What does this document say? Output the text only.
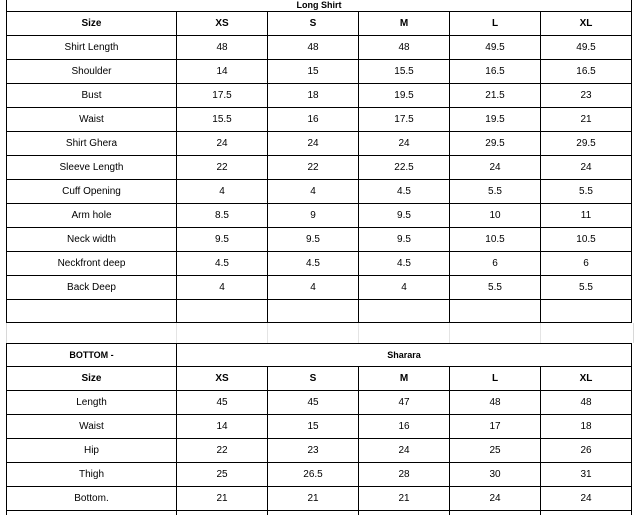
Long Shirt					
Size	XS	S	M	L	XL
Shirt Length	48	48	48	49.5	49.5
Shoulder	14	15	15.5	16.5	16.5
Bust	17.5	18	19.5	21.5	23
Waist	15.5	16	17.5	19.5	21
Shirt Ghera	24	24	24	29.5	29.5
Sleeve Length	22	22	22.5	24	24
Cuff Opening	4	4	4.5	5.5	5.5
Arm hole	8.5	9	9.5	10	11
Neck width	9.5	9.5	9.5	10.5	10.5
Neckfront deep	4.5	4.5	4.5	6	6
Back Deep	4	4	4	5.5	5.5

BOTTOM -	Sharara				
Size	XS	S	M	L	XL
Length	45	45	47	48	48
Waist	14	15	16	17	18
Hip	22	23	24	25	26
Thigh	25	26.5	28	30	31
Bottom.	21	21	21	24	24
